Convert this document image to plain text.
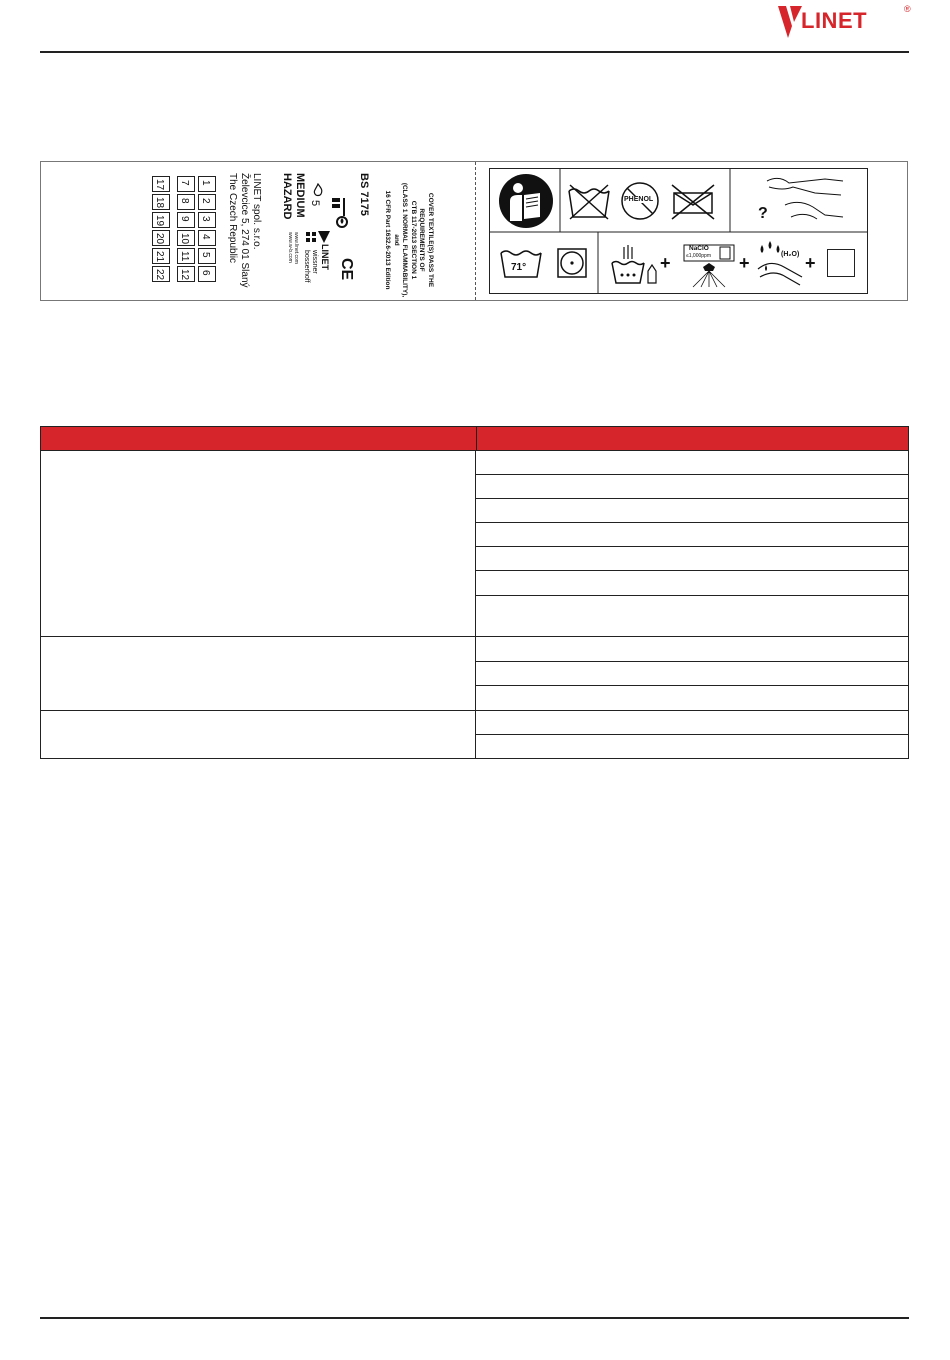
LINET	®
COVER TEXTILE(S) PASS THE
REQUIREMENTS OF
CTB 117-2013 SECTION 1
(CLASS 1 NORMAL FLAMMABILITY),
and
16 CFR Part 1632.6-2013 Edition
BS 7175
CE
5
MEDIUM
HAZARD
LINET
wissner
bosserhoff
www.linet.com
www.w-b.com
LINET spol. s.r.o.
Želevcice 5, 274 01 Slaný
The Czech Republic
1
2
3
4
5
6
7
8
9
10
11
12
17
18
19
20
21
22
PHENOL
?
71°	+
NaClO
≤1,000ppm +	(H₂O) +
